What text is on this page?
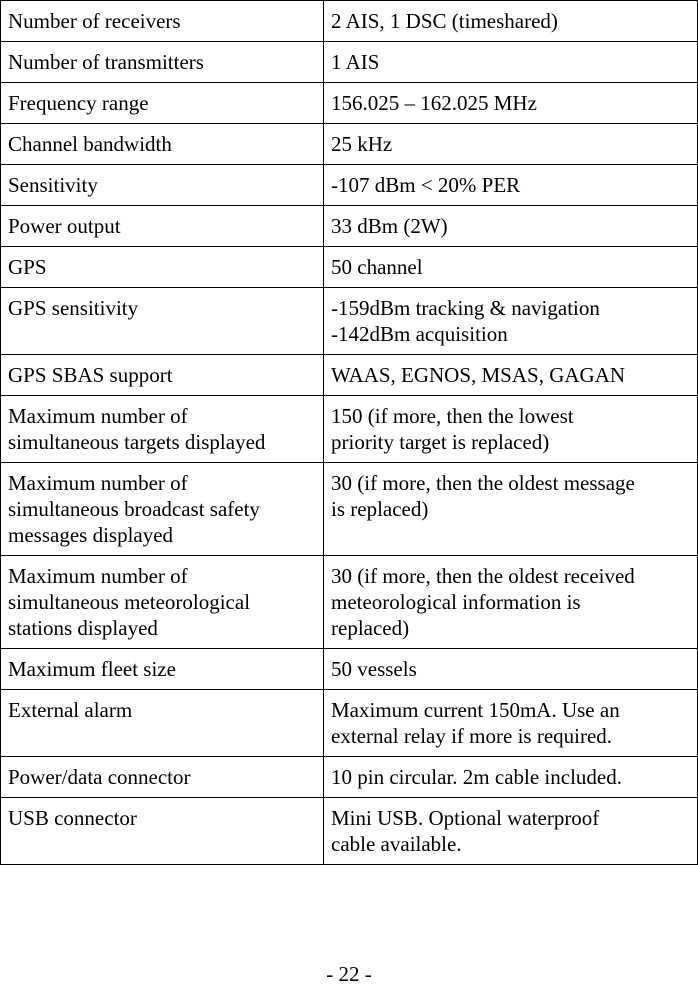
Number of receivers	2 AIS, 1 DSC (timeshared)
Number of transmitters	1 AIS
Frequency range	156.025 – 162.025 MHz
Channel bandwidth	25 kHz
Sensitivity	-107 dBm < 20% PER
Power output	33 dBm (2W)
GPS	50 channel
GPS sensitivity	-159dBm tracking & navigation
-142dBm acquisition
GPS SBAS support	WAAS, EGNOS, MSAS, GAGAN
Maximum number of
simultaneous targets displayed	150 (if more, then the lowest
priority target is replaced)
Maximum number of
simultaneous broadcast safety
messages displayed	30 (if more, then the oldest message
is replaced)
Maximum number of
simultaneous meteorological
stations displayed	30 (if more, then the oldest received
meteorological information is
replaced)
Maximum fleet size	50 vessels
External alarm	Maximum current 150mA. Use an
external relay if more is required.
Power/data connector	10 pin circular. 2m cable included.
USB connector	Mini USB. Optional waterproof
cable available.
- 22 -
